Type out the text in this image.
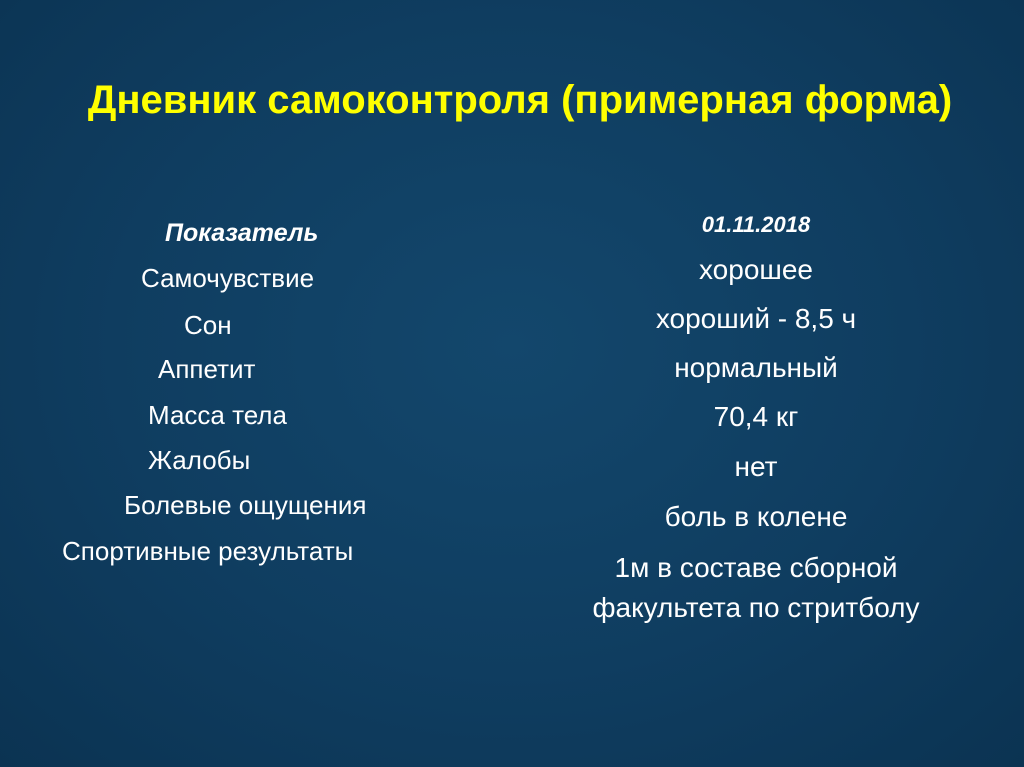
Дневник самоконтроля (примерная форма)
Показатель
Самочувствие
Сон
Аппетит
Масса тела
Жалобы
Болевые ощущения
Спортивные результаты
01.11.2018
хорошее
хороший - 8,5 ч
нормальный
70,4 кг
нет
боль в колене
1м в составе сборной факультета по стритболу
